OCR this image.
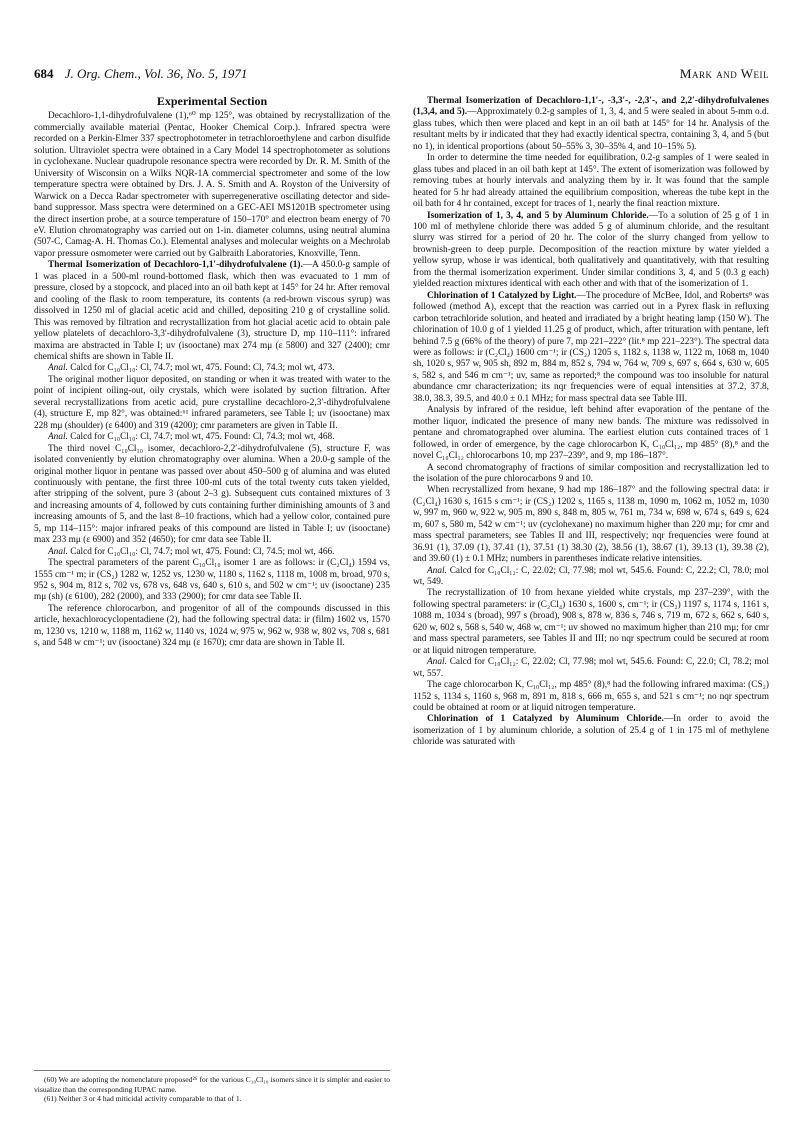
684 J. Org. Chem., Vol. 36, No. 5, 1971	Mark and Weil
Experimental Section

Decachloro-1,1-dihydrofulvalene (1),⁶⁰ mp 125°, was obtained by recrystallization of the commercially available material (Pentac, Hooker Chemical Corp.). Infrared spectra were recorded on a Perkin-Elmer 337 spectrophotometer in tetrachloroethylene and carbon disulfide solution. Ultraviolet spectra were obtained in a Cary Model 14 spectrophotometer as solutions in cyclohexane. Nuclear quadrupole resonance spectra were recorded by Dr. R. M. Smith of the University of Wisconsin on a Wilks NQR-1A commercial spectrometer and some of the low temperature spectra were obtained by Drs. J. A. S. Smith and A. Royston of the University of Warwick on a Decca Radar spectrometer with superregenerative oscillating detector and side-band suppressor. Mass spectra were determined on a GEC-AEI MS1201B spectrometer using the direct insertion probe, at a source temperature of 150–170° and electron beam energy of 70 eV. Elution chromatography was carried out on 1-in. diameter columns, using neutral alumina (507-C, Camag-A. H. Thomas Co.). Elemental analyses and molecular weights on a Mechrolab vapor pressure osmometer were carried out by Galbraith Laboratories, Knoxville, Tenn.

Thermal Isomerization of Decachloro-1,1′-dihydrofulvalene (1).—A 450.0-g sample of 1 was placed in a 500-ml round-bottomed flask, which then was evacuated to 1 mm of pressure, closed by a stopcock, and placed into an oil bath kept at 145° for 24 hr. After removal and cooling of the flask to room temperature, its contents (a red-brown viscous syrup) was dissolved in 1250 ml of glacial acetic acid and chilled, depositing 210 g of crystalline solid. This was removed by filtration and recrystallization from hot glacial acetic acid to obtain pale yellow platelets of decachloro-3,3′-dihydrofulvalene (3), structure D, mp 110–111°: infrared maxima are abstracted in Table I; uv (isooctane) max 274 mμ (ε 5800) and 327 (2400); cmr chemical shifts are shown in Table II.

Anal. Calcd for C₁₀Cl₁₀: Cl, 74.7; mol wt, 475. Found: Cl, 74.3; mol wt, 473.

The original mother liquor deposited, on standing or when it was treated with water to the point of incipient oiling-out, oily crystals, which were isolated by suction filtration. After several recrystallizations from acetic acid, pure crystalline decachloro-2,3′-dihydrofulvalene (4), structure E, mp 82°, was obtained:⁶¹ infrared parameters, see Table I; uv (isooctane) max 228 mμ (shoulder) (ε 6400) and 319 (4200); cmr parameters are given in Table II.

Anal. Calcd for C₁₀Cl₁₀: Cl, 74.7; mol wt, 475. Found: Cl, 74.3; mol wt, 468.

The third novel C₁₀Cl₁₀ isomer, decachloro-2,2′-dihydrofulvalene (5), structure F, was isolated conveniently by elution chromatography over alumina. When a 20.0-g sample of the original mother liquor in pentane was passed over about 450–500 g of alumina and was eluted continuously with pentane, the first three 100-ml cuts of the total twenty cuts taken yielded, after stripping of the solvent, pure 3 (about 2–3 g). Subsequent cuts contained mixtures of 3 and increasing amounts of 4, followed by cuts containing further diminishing amounts of 3 and increasing amounts of 5, and the last 8–10 fractions, which had a yellow color, contained pure 5, mp 114–115°: major infrared peaks of this compound are listed in Table I; uv (isooctane) max 233 mμ (ε 6900) and 352 (4650); for cmr data see Table II.

Anal. Calcd for C₁₀Cl₁₀: Cl, 74.7; mol wt, 475. Found: Cl, 74.5; mol wt, 466.

The spectral parameters of the parent C₁₀Cl₁₀ isomer 1 are as follows: ir (C₂Cl₄) 1594 vs, 1555 cm⁻¹ m; ir (CS₂) 1282 w, 1252 vs, 1230 w, 1180 s, 1162 s, 1118 m, 1008 m, broad, 970 s, 952 s, 904 m, 812 s, 702 vs, 678 vs, 648 vs, 640 s, 610 s, and 502 w cm⁻¹; uv (isooctane) 235 mμ (sh) (ε 6100), 282 (2000), and 333 (2900); for cmr data see Table II.

The reference chlorocarbon, and progenitor of all of the compounds discussed in this article, hexachlorocyclopentadiene (2), had the following spectral data: ir (film) 1602 vs, 1570 m, 1230 vs, 1210 w, 1188 m, 1162 w, 1140 vs, 1024 w, 975 w, 962 w, 938 w, 802 vs, 708 s, 681 s, and 548 w cm⁻¹; uv (isooctane) 324 mμ (ε 1670); cmr data are shown in Table II.

(60) We are adopting the nomenclature proposed²⁶ for the various C₁₀Cl₁₀ isomers since it is simpler and easier to visualize than the corresponding IUPAC name.

(61) Neither 3 or 4 had miticidal activity comparable to that of 1.

Thermal Isomerization of Decachloro-1,1′-, -3,3′-, -2,3′-, and 2,2′-dihydrofulvalenes (1,3,4, and 5).—Approximately 0.2-g samples of 1, 3, 4, and 5 were sealed in about 5-mm o.d. glass tubes, which then were placed and kept in an oil bath at 145° for 14 hr. Analysis of the resultant melts by ir indicated that they had exactly identical spectra, containing 3, 4, and 5 (but no 1), in identical proportions (about 50–55% 3, 30–35% 4, and 10–15% 5).

In order to determine the time needed for equilibration, 0.2-g samples of 1 were sealed in glass tubes and placed in an oil bath kept at 145°. The extent of isomerization was followed by removing tubes at hourly intervals and analyzing them by ir. It was found that the sample heated for 5 hr had already attained the equilibrium composition, whereas the tube kept in the oil bath for 4 hr contained, except for traces of 1, nearly the final reaction mixture.

Isomerization of 1, 3, 4, and 5 by Aluminum Chloride.—To a solution of 25 g of 1 in 100 ml of methylene chloride there was added 5 g of aluminum chloride, and the resultant slurry was stirred for a period of 20 hr. The color of the slurry changed from yellow to brownish-green to deep purple. Decomposition of the reaction mixture by water yielded a yellow syrup, whose ir was identical, both qualitatively and quantitatively, with that resulting from the thermal isomerization experiment. Under similar conditions 3, 4, and 5 (0.3 g each) yielded reaction mixtures identical with each other and with that of the isomerization of 1.

Chlorination of 1 Catalyzed by Light.—The procedure of McBee, Idol, and Roberts⁸ was followed (method A), except that the reaction was carried out in a Pyrex flask in refluxing carbon tetrachloride solution, and heated and irradiated by a bright heating lamp (150 W). The chlorination of 10.0 g of 1 yielded 11.25 g of product, which, after trituration with pentane, left behind 7.5 g (66% of the theory) of pure 7, mp 221–222° (lit.⁸ mp 221–223°). The spectral data were as follows: ir (C₂Cl₄) 1600 cm⁻¹; ir (CS₂) 1205 s, 1182 s, 1138 w, 1122 m, 1068 m, 1040 sh, 1020 s, 957 w, 905 sh, 892 m, 884 m, 852 s, 794 w, 764 w, 709 s, 697 s, 664 s, 630 w, 605 s, 582 s, and 546 m cm⁻¹; uv, same as reported;⁸ the compound was too insoluble for natural abundance cmr characterization; its nqr frequencies were of equal intensities at 37.2, 37.8, 38.0, 38.3, 39.5, and 40.0 ± 0.1 MHz; for mass spectral data see Table III.

Analysis by infrared of the residue, left behind after evaporation of the pentane of the mother liquor, indicated the presence of many new bands. The mixture was redissolved in pentane and chromatographed over alumina. The earliest elution cuts contained traces of 1 followed, in order of emergence, by the cage chlorocarbon K, C₁₀Cl₁₂, mp 485° (8),⁸ and the novel C₁₀Cl₁₂ chlorocarbons 10, mp 237–239°, and 9, mp 186–187°.

A second chromatography of fractions of similar composition and recrystallization led to the isolation of the pure chlorocarbons 9 and 10.

When recrystallized from hexane, 9 had mp 186–187° and the following spectral data: ir (C₂Cl₄) 1630 s, 1615 s cm⁻¹; ir (CS₂) 1202 s, 1165 s, 1138 m, 1090 m, 1062 m, 1052 m, 1030 w, 997 m, 960 w, 922 w, 905 m, 890 s, 848 m, 805 w, 761 m, 734 w, 698 w, 674 s, 649 s, 624 m, 607 s, 580 m, 542 w cm⁻¹; uv (cyclohexane) no maximum higher than 220 mμ; for cmr and mass spectral parameters, see Tables II and III, respectively; nqr frequencies were found at 36.91 (1), 37.09 (1), 37.41 (1), 37.51 (1) 38.30 (2), 38.56 (1), 38.67 (1), 39.13 (1), 39.38 (2), and 39.60 (1) ± 0.1 MHz; numbers in parentheses indicate relative intensities.

Anal. Calcd for C₁₀Cl₁₂: C, 22.02; Cl, 77.98; mol wt, 545.6. Found: C, 22.2; Cl, 78.0; mol wt, 549.

The recrystallization of 10 from hexane yielded white crystals, mp 237–239°, with the following spectral parameters: ir (C₂Cl₄) 1630 s, 1600 s, cm⁻¹; ir (CS₂) 1197 s, 1174 s, 1161 s, 1088 m, 1034 s (broad), 997 s (broad), 908 s, 878 w, 836 s, 746 s, 719 m, 672 s, 662 s, 640 s, 620 w, 602 s, 568 s, 540 w, 468 w, cm⁻¹; uv showed no maximum higher than 210 mμ; for cmr and mass spectral parameters, see Tables II and III; no nqr spectrum could be secured at room or at liquid nitrogen temperature.

Anal. Calcd for C₁₀Cl₁₂: C, 22.02; Cl, 77.98; mol wt, 545.6. Found: C, 22.0; Cl, 78.2; mol wt, 557.

The cage chlorocarbon K, C₁₀Cl₁₂, mp 485° (8),⁸ had the following infrared maxima: (CS₂) 1152 s, 1134 s, 1160 s, 968 m, 891 m, 818 s, 666 m, 655 s, and 521 s cm⁻¹; no nqr spectrum could be obtained at room or at liquid nitrogen temperature.

Chlorination of 1 Catalyzed by Aluminum Chloride.—In order to avoid the isomerization of 1 by aluminum chloride, a solution of 25.4 g of 1 in 175 ml of methylene chloride was saturated with
